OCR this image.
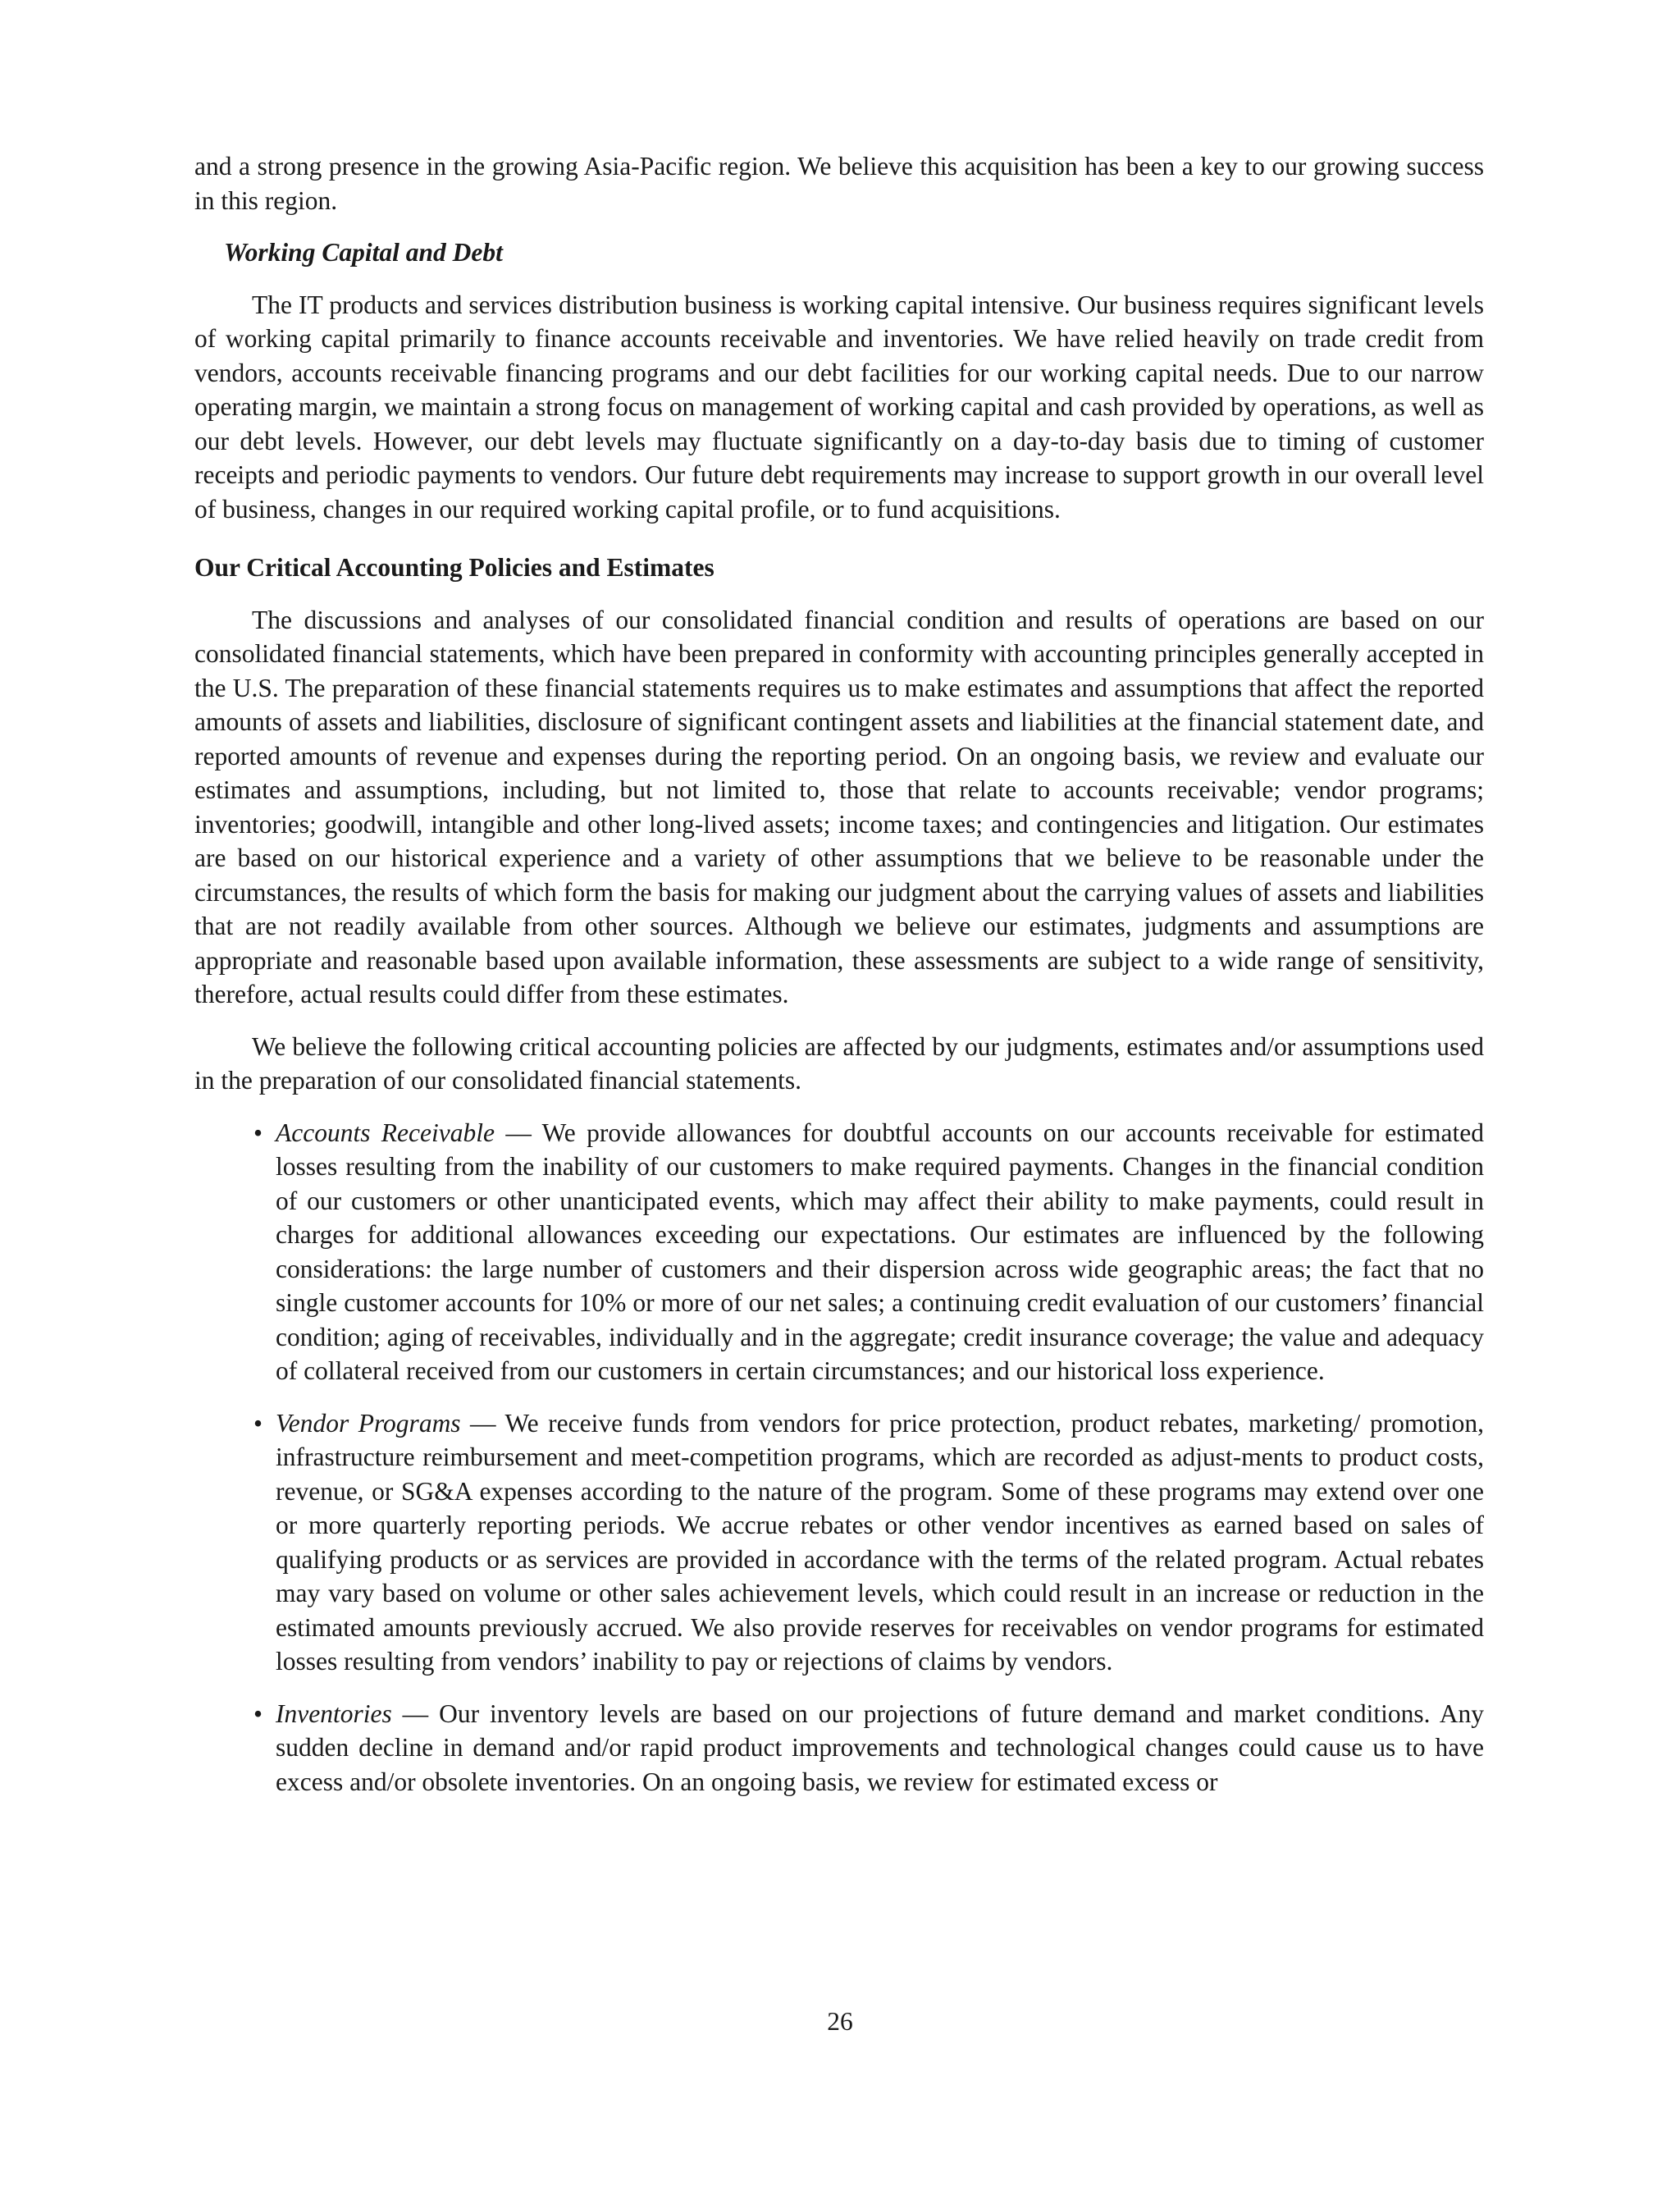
and a strong presence in the growing Asia-Pacific region. We believe this acquisition has been a key to our growing success in this region.

Working Capital and Debt

The IT products and services distribution business is working capital intensive. Our business requires significant levels of working capital primarily to finance accounts receivable and inventories. We have relied heavily on trade credit from vendors, accounts receivable financing programs and our debt facilities for our working capital needs. Due to our narrow operating margin, we maintain a strong focus on management of working capital and cash provided by operations, as well as our debt levels. However, our debt levels may fluctuate significantly on a day-to-day basis due to timing of customer receipts and periodic payments to vendors. Our future debt requirements may increase to support growth in our overall level of business, changes in our required working capital profile, or to fund acquisitions.

Our Critical Accounting Policies and Estimates

The discussions and analyses of our consolidated financial condition and results of operations are based on our consolidated financial statements, which have been prepared in conformity with accounting principles generally accepted in the U.S. The preparation of these financial statements requires us to make estimates and assumptions that affect the reported amounts of assets and liabilities, disclosure of significant contingent assets and liabilities at the financial statement date, and reported amounts of revenue and expenses during the reporting period. On an ongoing basis, we review and evaluate our estimates and assumptions, including, but not limited to, those that relate to accounts receivable; vendor programs; inventories; goodwill, intangible and other long-lived assets; income taxes; and contingencies and litigation. Our estimates are based on our historical experience and a variety of other assumptions that we believe to be reasonable under the circumstances, the results of which form the basis for making our judgment about the carrying values of assets and liabilities that are not readily available from other sources. Although we believe our estimates, judgments and assumptions are appropriate and reasonable based upon available information, these assessments are subject to a wide range of sensitivity, therefore, actual results could differ from these estimates.

We believe the following critical accounting policies are affected by our judgments, estimates and/or assumptions used in the preparation of our consolidated financial statements.

• Accounts Receivable — We provide allowances for doubtful accounts on our accounts receivable for estimated losses resulting from the inability of our customers to make required payments. Changes in the financial condition of our customers or other unanticipated events, which may affect their ability to make payments, could result in charges for additional allowances exceeding our expectations. Our estimates are influenced by the following considerations: the large number of customers and their dispersion across wide geographic areas; the fact that no single customer accounts for 10% or more of our net sales; a continuing credit evaluation of our customers’ financial condition; aging of receivables, individually and in the aggregate; credit insurance coverage; the value and adequacy of collateral received from our customers in certain circumstances; and our historical loss experience.
• Vendor Programs — We receive funds from vendors for price protection, product rebates, marketing/ promotion, infrastructure reimbursement and meet-competition programs, which are recorded as adjust-ments to product costs, revenue, or SG&A expenses according to the nature of the program. Some of these programs may extend over one or more quarterly reporting periods. We accrue rebates or other vendor incentives as earned based on sales of qualifying products or as services are provided in accordance with the terms of the related program. Actual rebates may vary based on volume or other sales achievement levels, which could result in an increase or reduction in the estimated amounts previously accrued. We also provide reserves for receivables on vendor programs for estimated losses resulting from vendors’ inability to pay or rejections of claims by vendors.
• Inventories — Our inventory levels are based on our projections of future demand and market conditions. Any sudden decline in demand and/or rapid product improvements and technological changes could cause us to have excess and/or obsolete inventories. On an ongoing basis, we review for estimated excess or
26
